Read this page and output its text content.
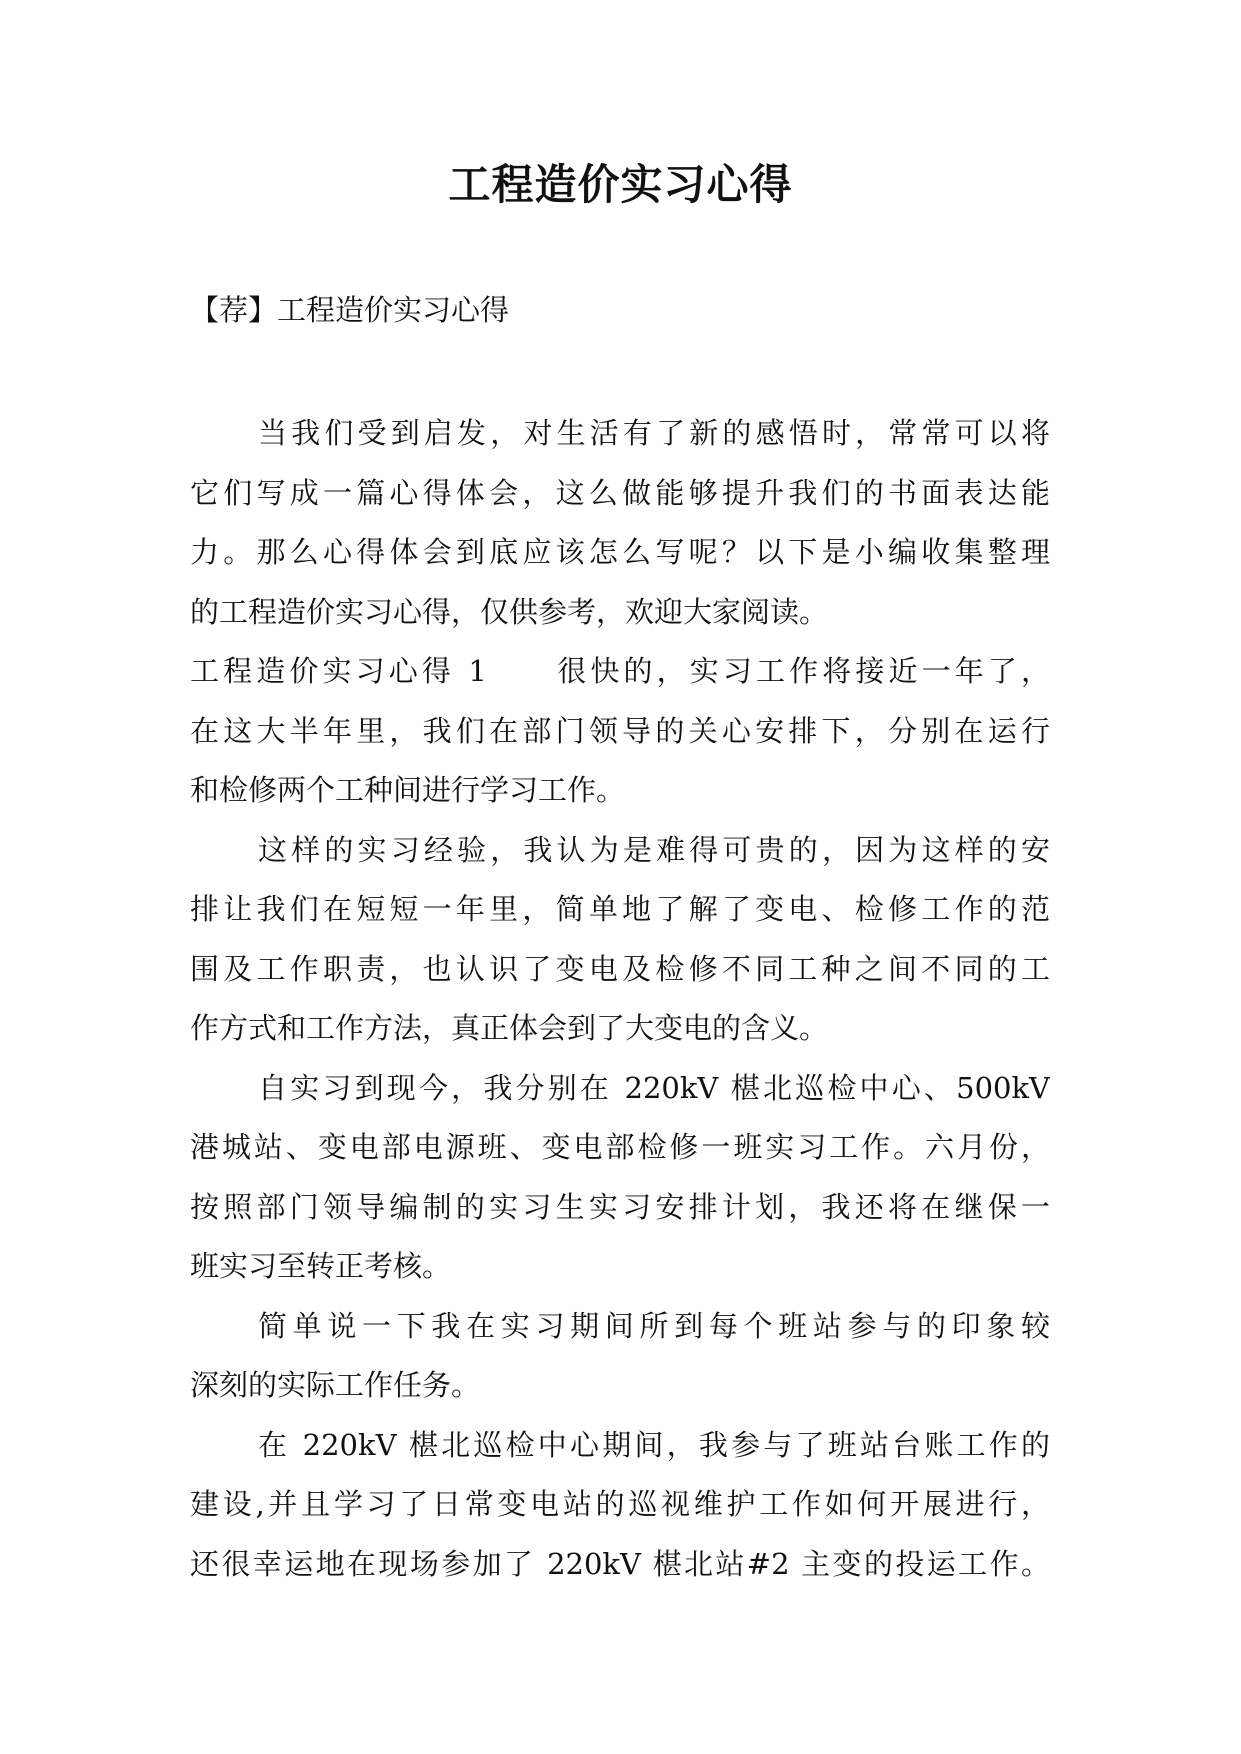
工程造价实习心得
【荐】工程造价实习心得
当我们受到启发，对生活有了新的感悟时，常常可以将
它们写成一篇心得体会，这么做能够提升我们的书面表达能
力。那么心得体会到底应该怎么写呢？以下是小编收集整理
的工程造价实习心得，仅供参考，欢迎大家阅读。
工程造价实习心得 1　　很快的，实习工作将接近一年了，
在这大半年里，我们在部门领导的关心安排下，分别在运行
和检修两个工种间进行学习工作。
这样的实习经验，我认为是难得可贵的，因为这样的安
排让我们在短短一年里，简单地了解了变电、检修工作的范
围及工作职责，也认识了变电及检修不同工种之间不同的工
作方式和工作方法，真正体会到了大变电的含义。
自实习到现今，我分别在 220kV 椹北巡检中心、500kV
港城站、变电部电源班、变电部检修一班实习工作。六月份，
按照部门领导编制的实习生实习安排计划，我还将在继保一
班实习至转正考核。
简单说一下我在实习期间所到每个班站参与的印象较
深刻的实际工作任务。
在 220kV 椹北巡检中心期间，我参与了班站台账工作的
建设,并且学习了日常变电站的巡视维护工作如何开展进行，
还很幸运地在现场参加了 220kV 椹北站#2 主变的投运工作。
